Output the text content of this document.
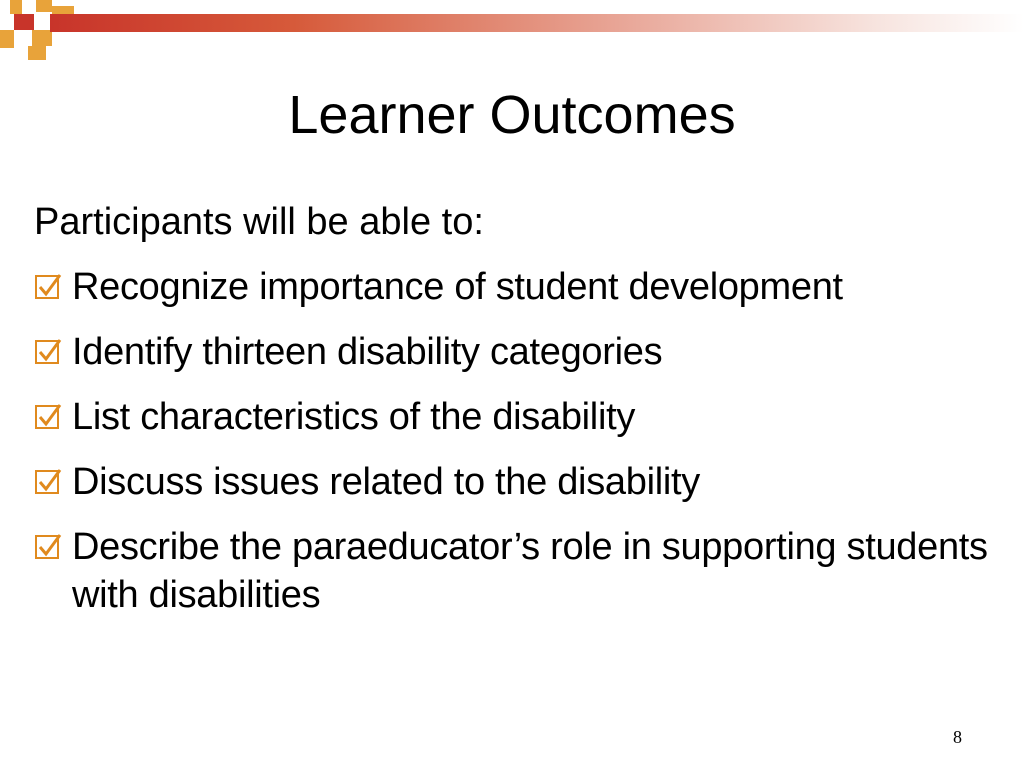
Learner Outcomes

Participants will be able to:

Recognize importance of student development
Identify thirteen disability categories
List characteristics of the disability
Discuss issues related to the disability
Describe the paraeducator’s role in supporting students with disabilities
8
